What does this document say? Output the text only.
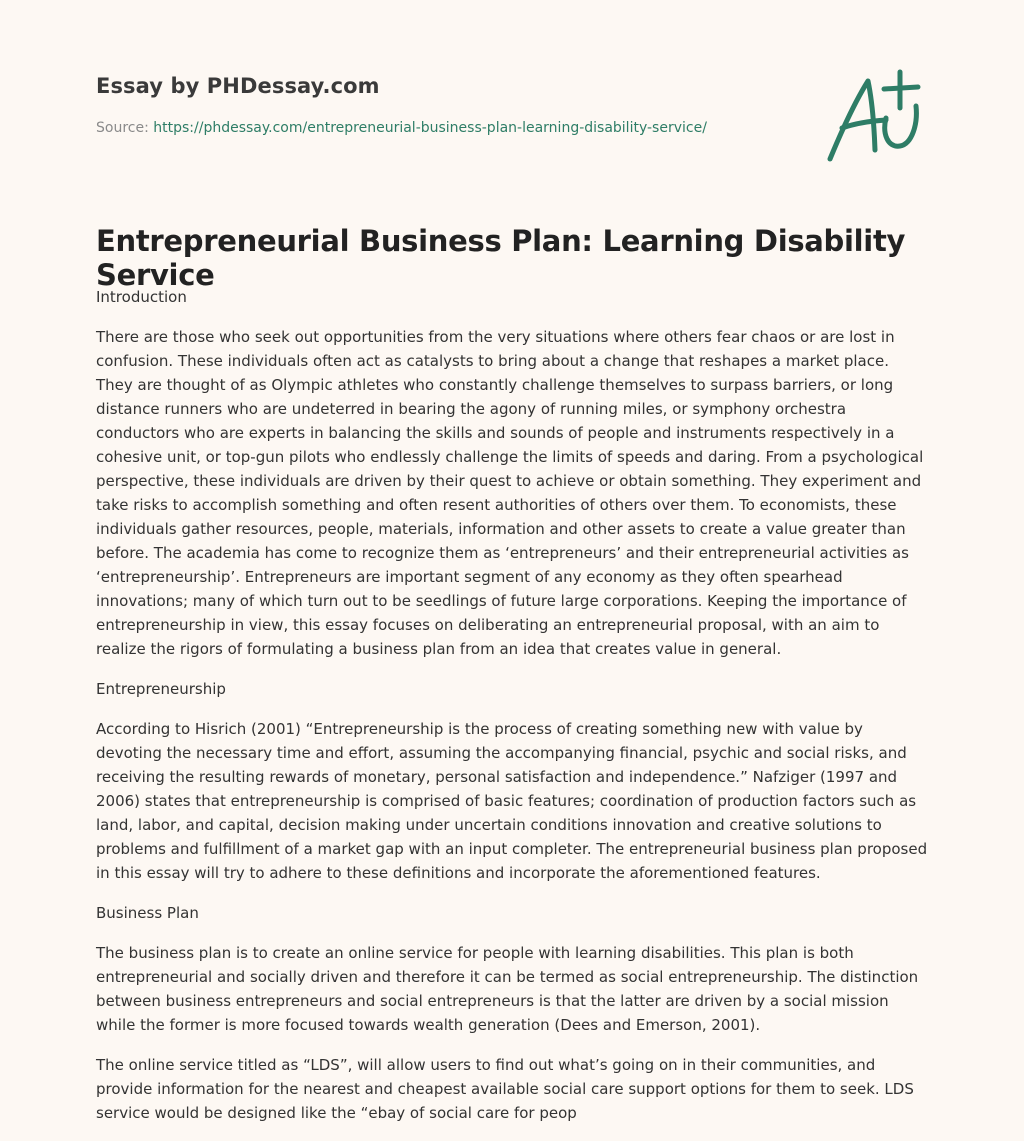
Essay by PHDessay.com
Source: https://phdessay.com/entrepreneurial-business-plan-learning-disability-service/
Entrepreneurial Business Plan: Learning Disability Service

Introduction

There are those who seek out opportunities from the very situations where others fear chaos or are lost in confusion. These individuals often act as catalysts to bring about a change that reshapes a market place. They are thought of as Olympic athletes who constantly challenge themselves to surpass barriers, or long distance runners who are undeterred in bearing the agony of running miles, or symphony orchestra conductors who are experts in balancing the skills and sounds of people and instruments respectively in a cohesive unit, or top-gun pilots who endlessly challenge the limits of speeds and daring. From a psychological perspective, these individuals are driven by their quest to achieve or obtain something. They experiment and take risks to accomplish something and often resent authorities of others over them. To economists, these individuals gather resources, people, materials, information and other assets to create a value greater than before. The academia has come to recognize them as ‘entrepreneurs’ and their entrepreneurial activities as ‘entrepreneurship’. Entrepreneurs are important segment of any economy as they often spearhead innovations; many of which turn out to be seedlings of future large corporations. Keeping the importance of entrepreneurship in view, this essay focuses on deliberating an entrepreneurial proposal, with an aim to realize the rigors of formulating a business plan from an idea that creates value in general.

Entrepreneurship

According to Hisrich (2001) “Entrepreneurship is the process of creating something new with value by devoting the necessary time and effort, assuming the accompanying financial, psychic and social risks, and receiving the resulting rewards of monetary, personal satisfaction and independence.” Nafziger (1997 and 2006) states that entrepreneurship is comprised of basic features; coordination of production factors such as land, labor, and capital, decision making under uncertain conditions innovation and creative solutions to problems and fulfillment of a market gap with an input completer. The entrepreneurial business plan proposed in this essay will try to adhere to these definitions and incorporate the aforementioned features.

Business Plan

The business plan is to create an online service for people with learning disabilities. This plan is both entrepreneurial and socially driven and therefore it can be termed as social entrepreneurship. The distinction between business entrepreneurs and social entrepreneurs is that the latter are driven by a social mission while the former is more focused towards wealth generation (Dees and Emerson, 2001).

The online service titled as “LDS”, will allow users to find out what’s going on in their communities, and provide information for the nearest and cheapest available social care support options for them to seek. LDS service would be designed like the “ebay of social care for peop
